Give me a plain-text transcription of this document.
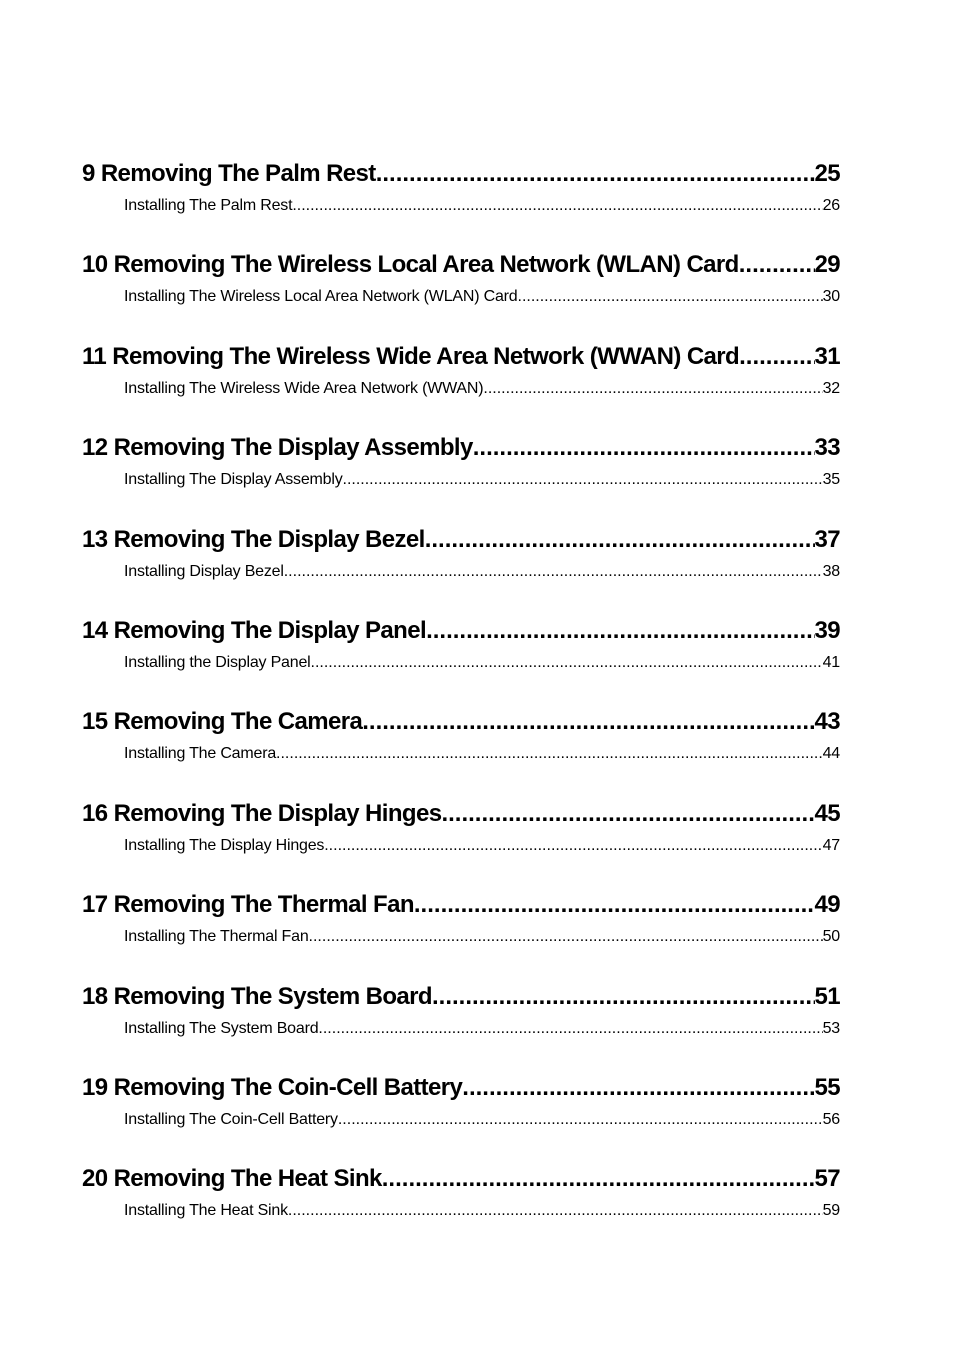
9 Removing The Palm Rest .....	25
Installing The Palm Rest .....	26
10 Removing The Wireless Local Area Network (WLAN) Card .....	29
Installing The Wireless Local Area Network (WLAN) Card .....	30
11 Removing The Wireless Wide Area Network (WWAN) Card .....	31
Installing The Wireless Wide Area Network (WWAN) .....	32
12 Removing The Display Assembly .....	33
Installing The Display Assembly .....	35
13 Removing The Display Bezel .....	37
Installing Display Bezel .....	38
14 Removing The Display Panel .....	39
Installing the Display Panel .....	41
15 Removing The Camera .....	43
Installing The Camera .....	44
16 Removing The Display Hinges .....	45
Installing The Display Hinges .....	47
17 Removing The Thermal Fan .....	49
Installing The Thermal Fan .....	50
18 Removing The System Board .....	51
Installing The System Board .....	53
19 Removing The Coin-Cell Battery .....	55
Installing The Coin-Cell Battery .....	56
20 Removing The Heat Sink .....	57
Installing The Heat Sink .....	59
